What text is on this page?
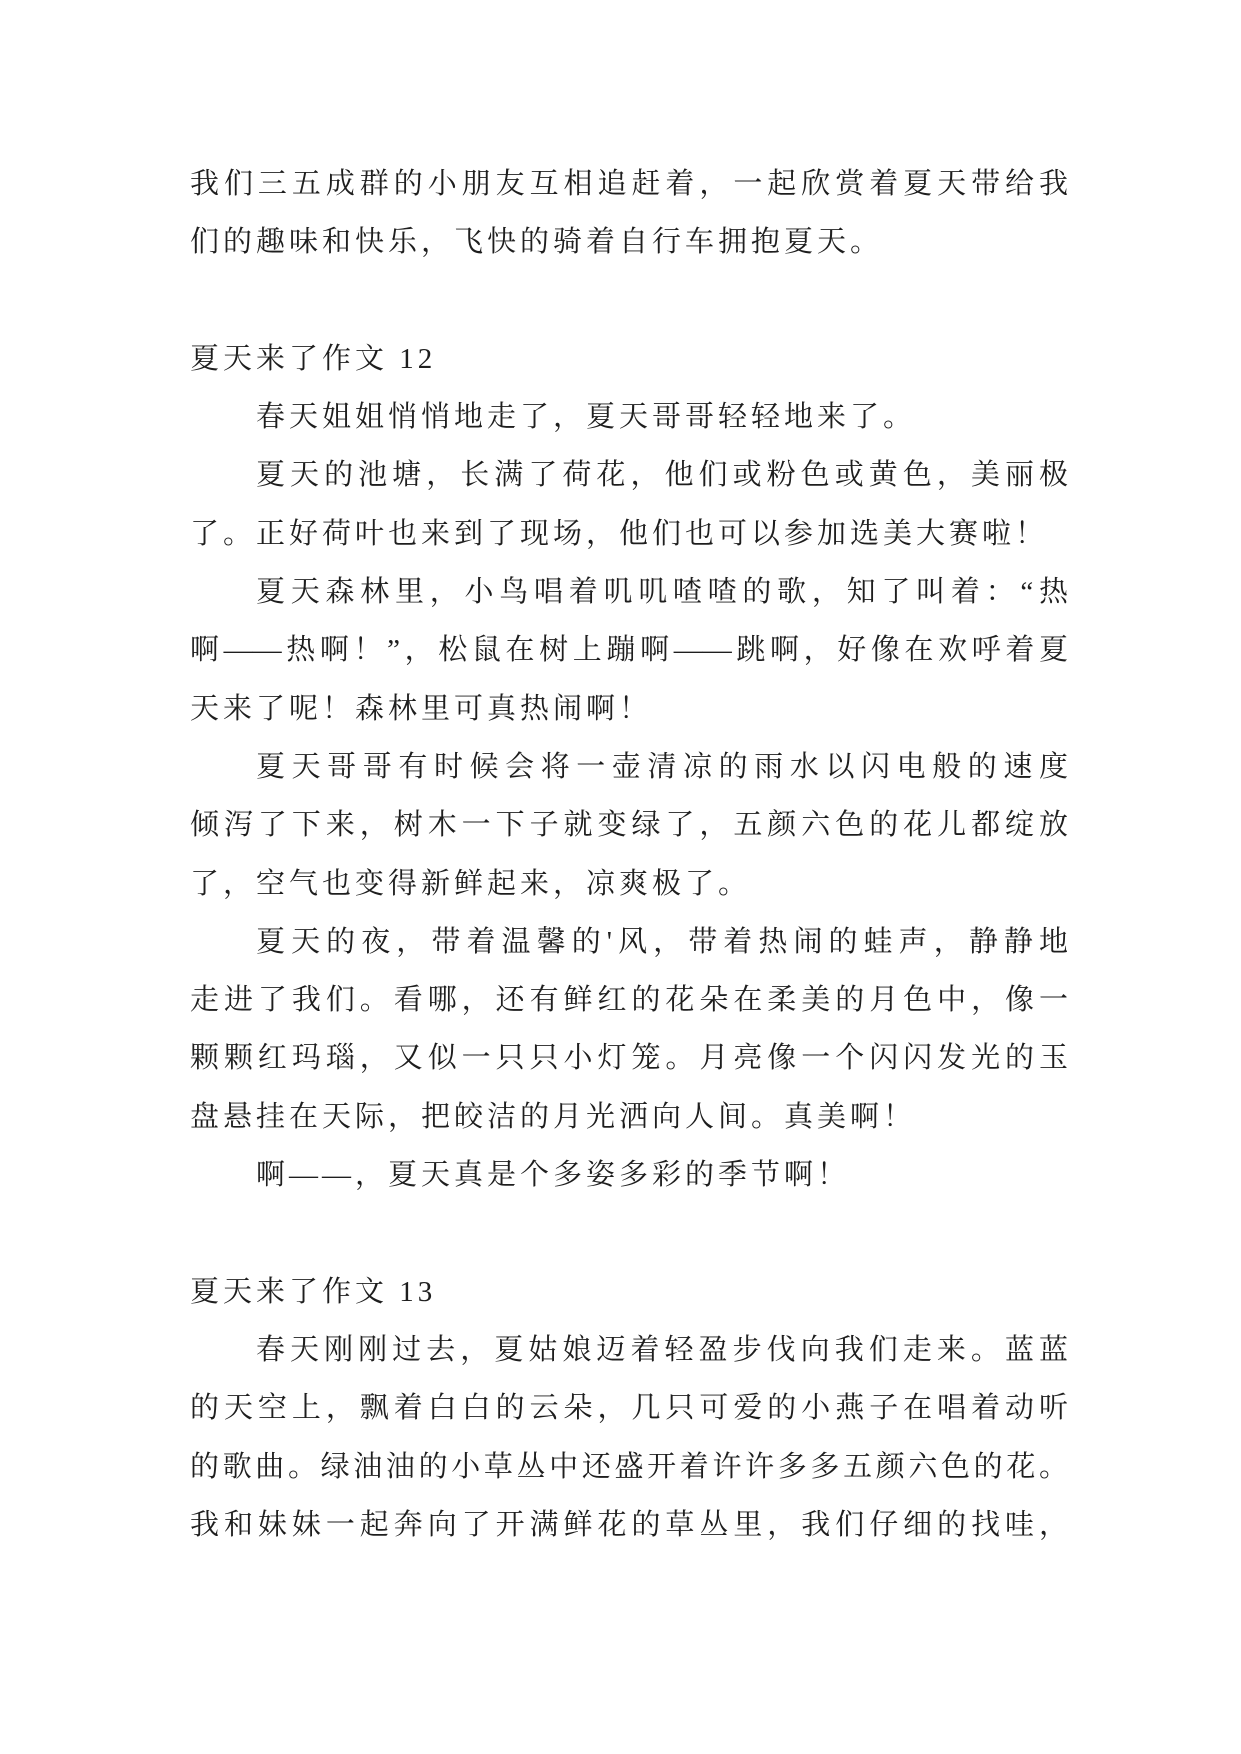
我们三五成群的小朋友互相追赶着，一起欣赏着夏天带给我
们的趣味和快乐，飞快的骑着自行车拥抱夏天。
夏天来了作文 12
春天姐姐悄悄地走了，夏天哥哥轻轻地来了。
夏天的池塘，长满了荷花，他们或粉色或黄色，美丽极
了。正好荷叶也来到了现场，他们也可以参加选美大赛啦！
夏天森林里，小鸟唱着叽叽喳喳的歌，知了叫着：“热
啊——热啊！”，松鼠在树上蹦啊——跳啊，好像在欢呼着夏
天来了呢！森林里可真热闹啊！
夏天哥哥有时候会将一壶清凉的雨水以闪电般的速度
倾泻了下来，树木一下子就变绿了，五颜六色的花儿都绽放
了，空气也变得新鲜起来，凉爽极了。
夏天的夜，带着温馨的'风，带着热闹的蛙声，静静地
走进了我们。看哪，还有鲜红的花朵在柔美的月色中，像一
颗颗红玛瑙，又似一只只小灯笼。月亮像一个闪闪发光的玉
盘悬挂在天际，把皎洁的月光洒向人间。真美啊！
啊——，夏天真是个多姿多彩的季节啊！
夏天来了作文 13
春天刚刚过去，夏姑娘迈着轻盈步伐向我们走来。蓝蓝
的天空上，飘着白白的云朵，几只可爱的小燕子在唱着动听
的歌曲。绿油油的小草丛中还盛开着许许多多五颜六色的花。
我和妹妹一起奔向了开满鲜花的草丛里，我们仔细的找哇，
